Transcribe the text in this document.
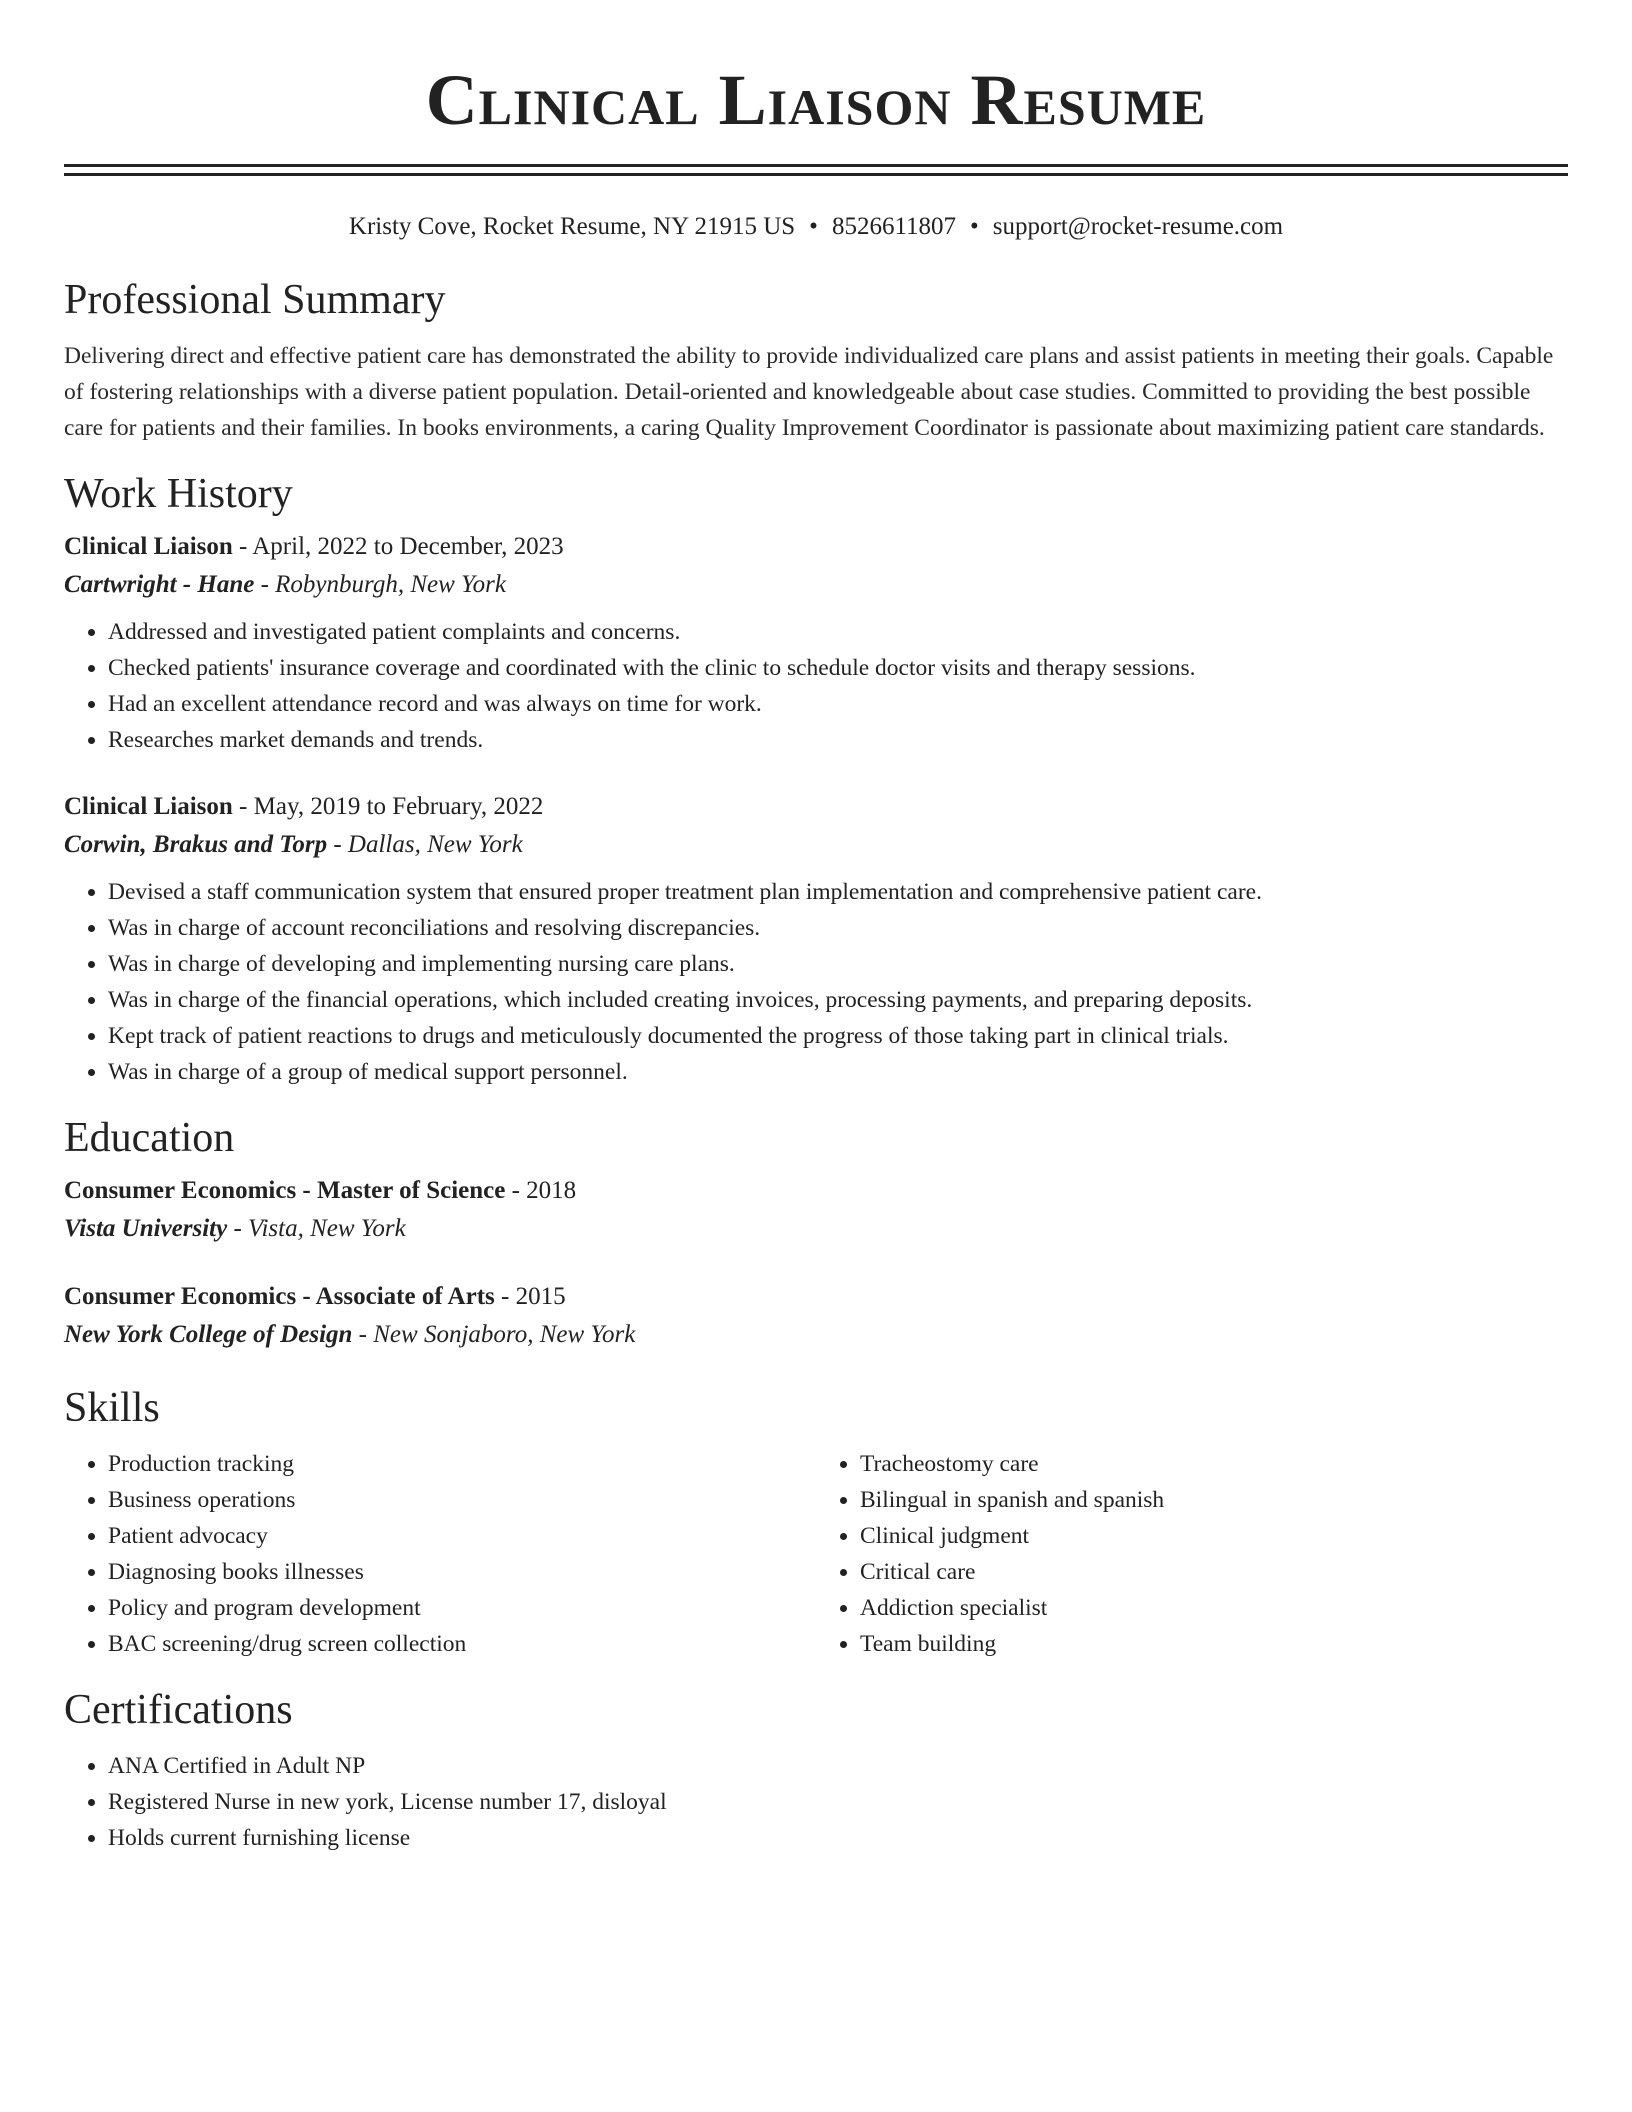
Clinical Liaison Resume
Kristy Cove, Rocket Resume, NY 21915 US • 8526611807 • support@rocket-resume.com
Professional Summary

Delivering direct and effective patient care has demonstrated the ability to provide individualized care plans and assist patients in meeting their goals. Capable of fostering relationships with a diverse patient population. Detail-oriented and knowledgeable about case studies. Committed to providing the best possible care for patients and their families. In books environments, a caring Quality Improvement Coordinator is passionate about maximizing patient care standards.

Work History
Clinical Liaison - April, 2022 to December, 2023
Cartwright - Hane - Robynburgh, New York
• Addressed and investigated patient complaints and concerns.
• Checked patients' insurance coverage and coordinated with the clinic to schedule doctor visits and therapy sessions.
• Had an excellent attendance record and was always on time for work.
• Researches market demands and trends.
Clinical Liaison - May, 2019 to February, 2022
Corwin, Brakus and Torp - Dallas, New York
• Devised a staff communication system that ensured proper treatment plan implementation and comprehensive patient care.
• Was in charge of account reconciliations and resolving discrepancies.
• Was in charge of developing and implementing nursing care plans.
• Was in charge of the financial operations, which included creating invoices, processing payments, and preparing deposits.
• Kept track of patient reactions to drugs and meticulously documented the progress of those taking part in clinical trials.
• Was in charge of a group of medical support personnel.
Education
Consumer Economics - Master of Science - 2018
Vista University - Vista, New York
Consumer Economics - Associate of Arts - 2015
New York College of Design - New Sonjaboro, New York
Skills
• Production tracking
• Business operations
• Patient advocacy
• Diagnosing books illnesses
• Policy and program development
• BAC screening/drug screen collection
• Tracheostomy care
• Bilingual in spanish and spanish
• Clinical judgment
• Critical care
• Addiction specialist
• Team building
Certifications
• ANA Certified in Adult NP
• Registered Nurse in new york, License number 17, disloyal
• Holds current furnishing license
